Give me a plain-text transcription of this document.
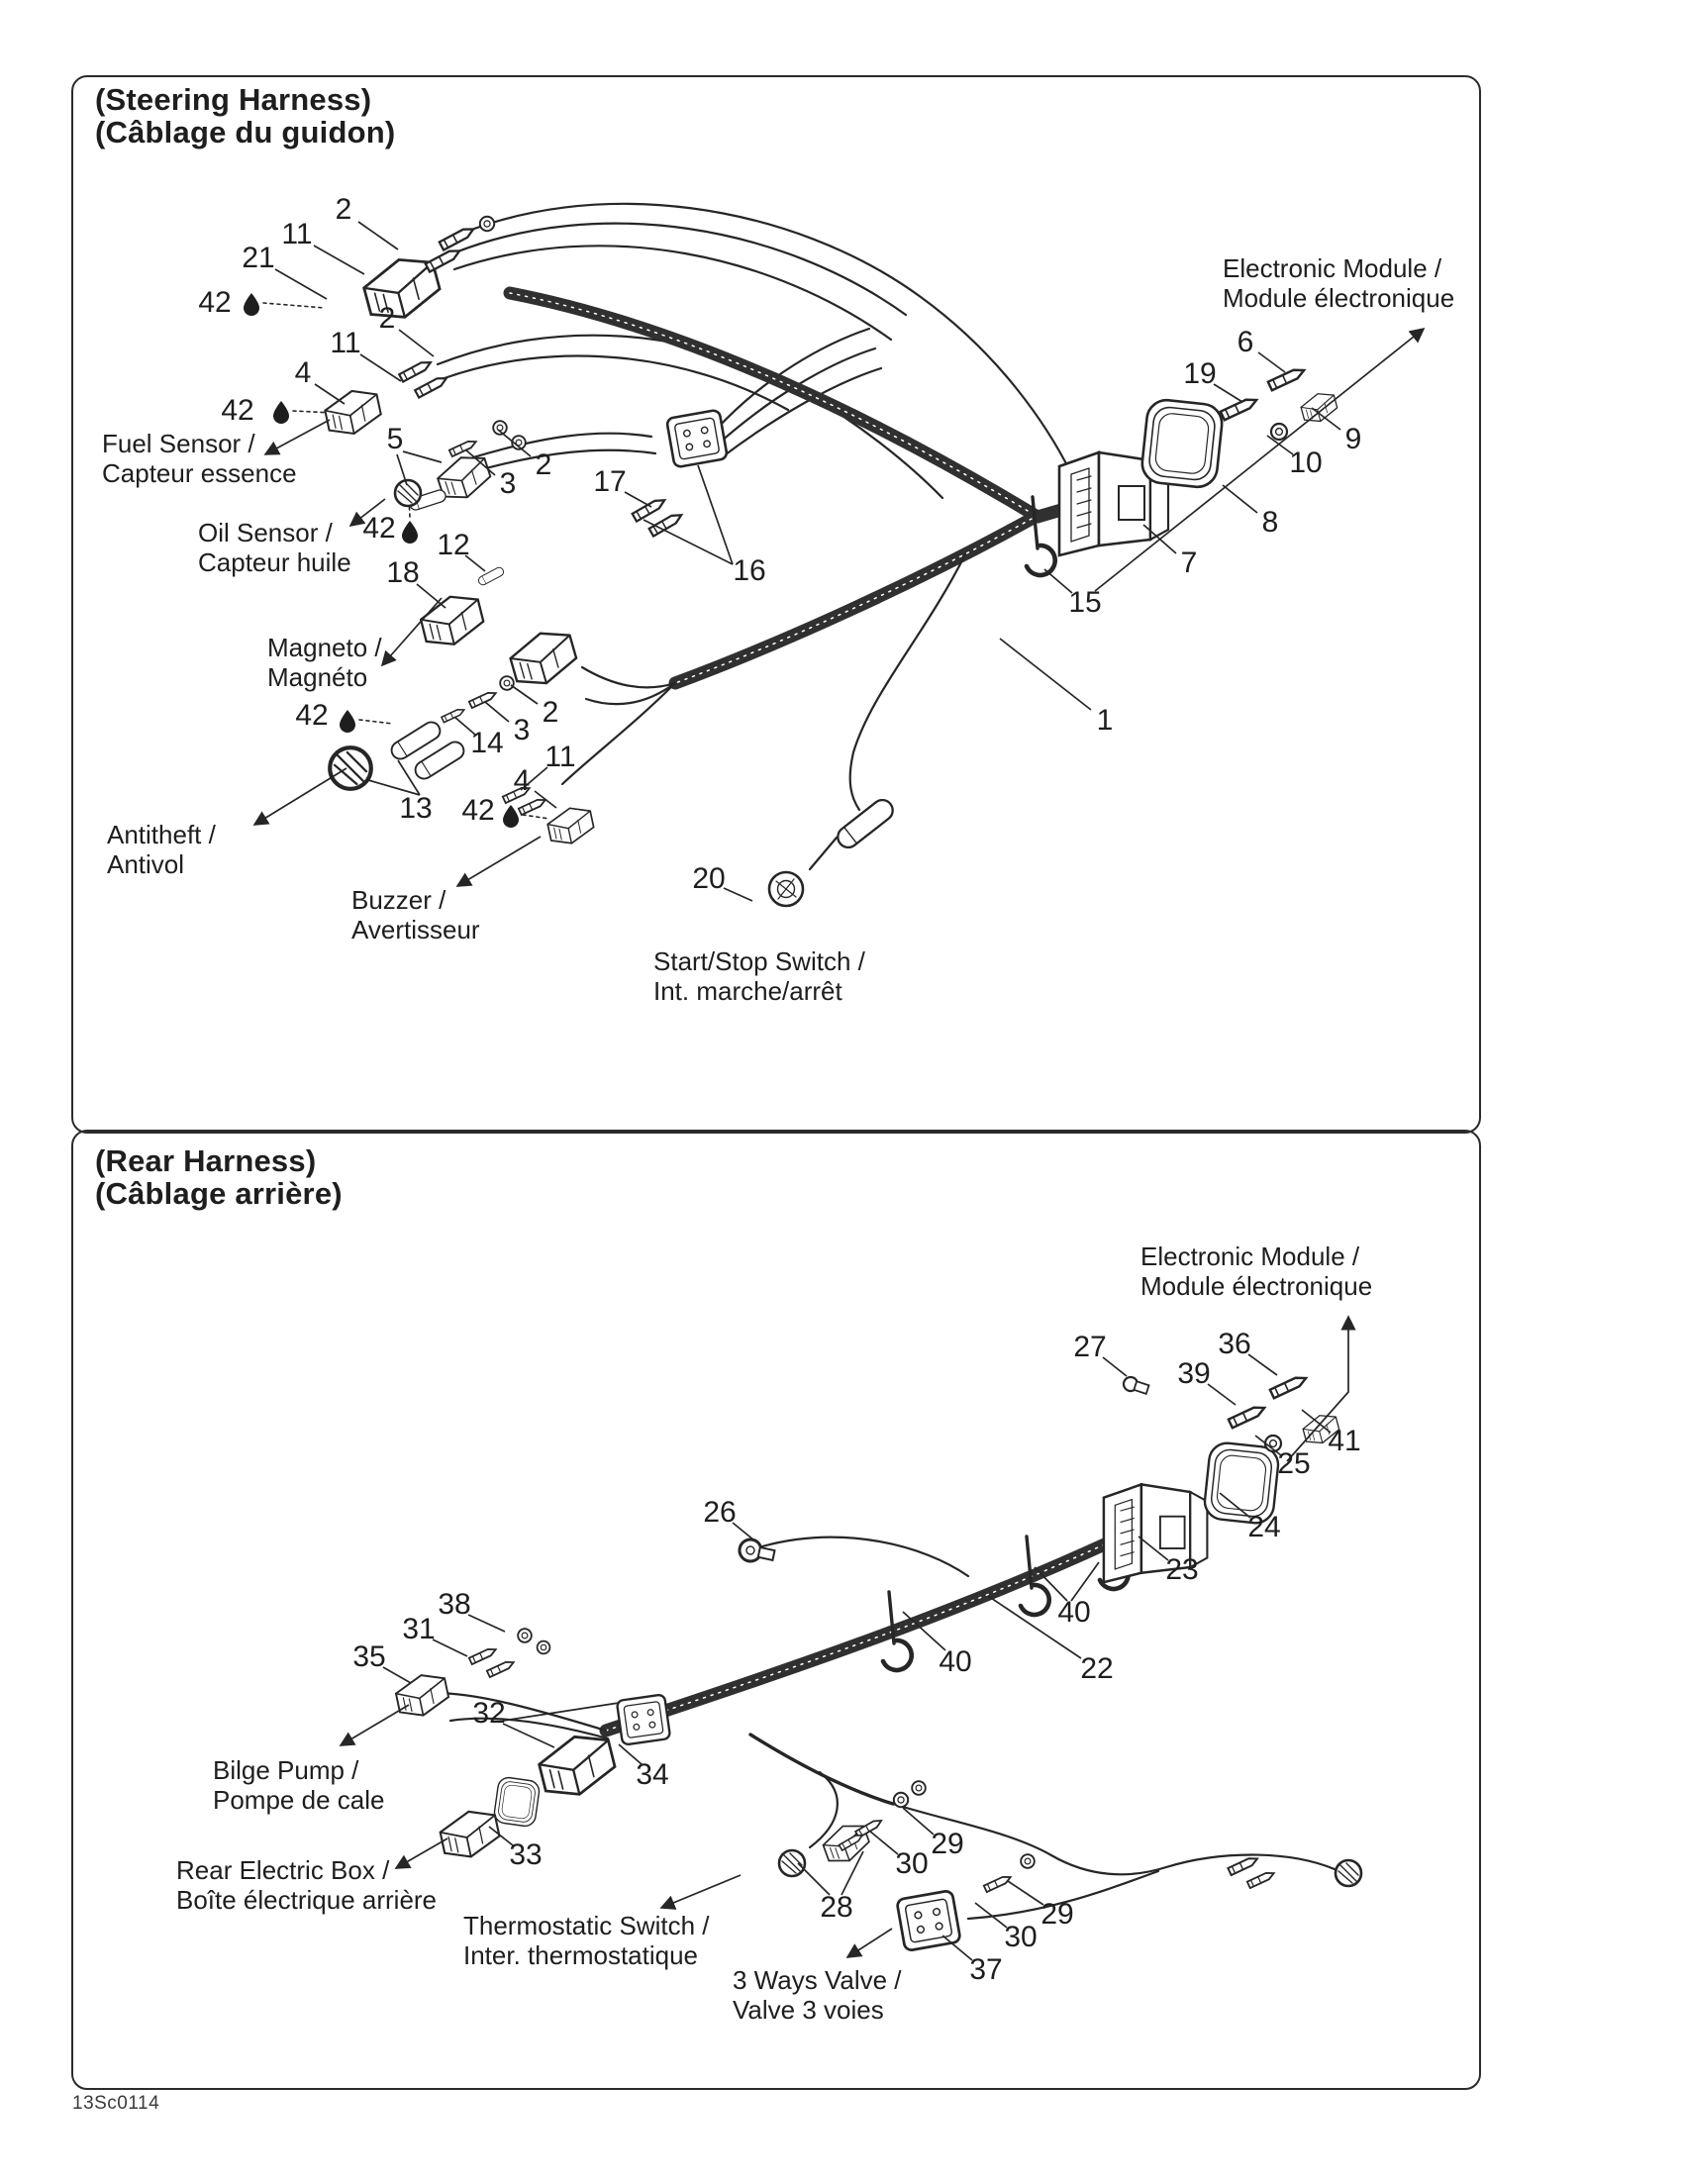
(Steering Harness)
(Câblage du guidon)
(Rear Harness)
(Câblage arrière)
2
11
21
42	2
11
4
42
5
2
3	17
16
12
18
42
42	2
3
14 11
4
13 42
20
15
7
8
10
9
19
6
1
Fuel Sensor /
Capteur essence
Oil Sensor /
Capteur huile
Magneto /
Magnéto
Antitheft /
Antivol
Buzzer /
Avertisseur
Start/Stop Switch /
Int. marche/arrêt
Electronic Module /
Module électronique
27	36
39
41
25
24
23
26
40
40	22
38
31
35
32
34
33	29
30
28	29
30
37
Electronic Module /
Module électronique
Bilge Pump /
Pompe de cale
Rear Electric Box /
Boîte électrique arrière
Thermostatic Switch /
Inter. thermostatique
3 Ways Valve /
Valve 3 voies
13Sc0114
